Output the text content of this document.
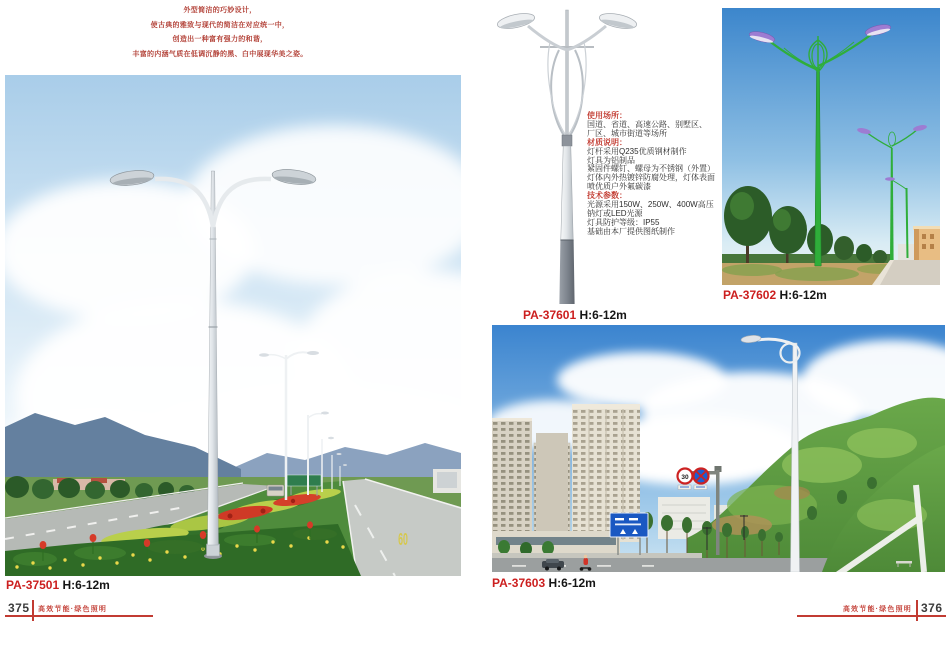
外型简洁的巧妙设计，
使古典的雅致与现代的简洁在对应统一中，
创造出一种富有强力的和谐，
丰富的内涵气质在低调沉静的黑、白中展现华美之姿。
60
30
使用场所：
国道、省道、高速公路、别墅区、
厂区、城市街道等场所
材质说明：
灯杆采用Q235优质钢材制作
灯具为铝制品
紧固件螺钉、螺母为不锈钢（外置）
灯体内外热镀锌防腐处理，灯体表面
喷优质户外氟碳漆
技术参数：
光源采用150W、250W、400W高压
钠灯或LED光源
灯具防护等级：IP55
基础由本厂提供图纸制作
PA-37501 H:6-12m
PA-37601 H:6-12m
PA-37602 H:6-12m
PA-37603 H:6-12m
375 高效节能·绿色照明	高效节能·绿色照明 376
